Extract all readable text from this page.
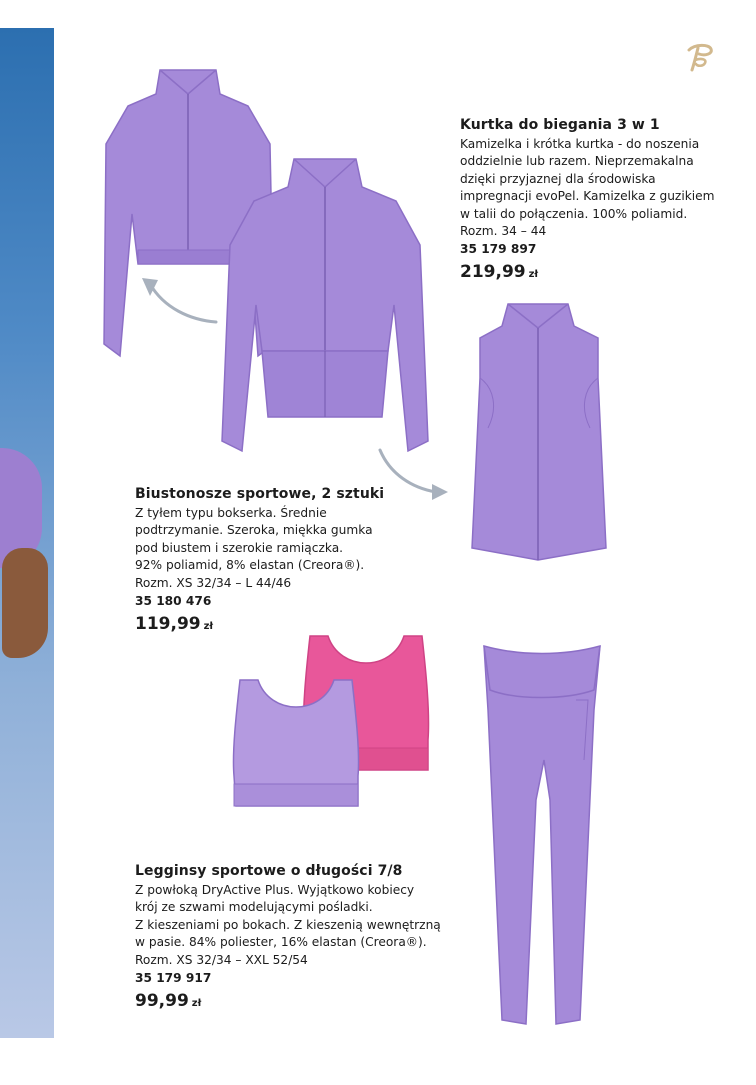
Kurtka do biegania 3 w 1
Kamizelka i krótka kurtka - do noszenia
oddzielnie lub razem. Nieprzemakalna
dzięki przyjaznej dla środowiska
impregnacji evoPel. Kamizelka z guzikiem
w talii do połączenia. 100% poliamid.
Rozm. 34 – 44
35 179 897
219,99 zł
Biustonosze sportowe, 2 sztuki
Z tyłem typu bokserka. Średnie
podtrzymanie. Szeroka, miękka gumka
pod biustem i szerokie ramiączka.
92% poliamid, 8% elastan (Creora®).
Rozm. XS 32/34 – L 44/46
35 180 476
119,99 zł
Legginsy sportowe o długości 7/8
Z powłoką DryActive Plus. Wyjątkowo kobiecy
krój ze szwami modelującymi pośladki.
Z kieszeniami po bokach. Z kieszenią wewnętrzną
w pasie. 84% poliester, 16% elastan (Creora®).
Rozm. XS 32/34 – XXL 52/54
35 179 917
99,99 zł
